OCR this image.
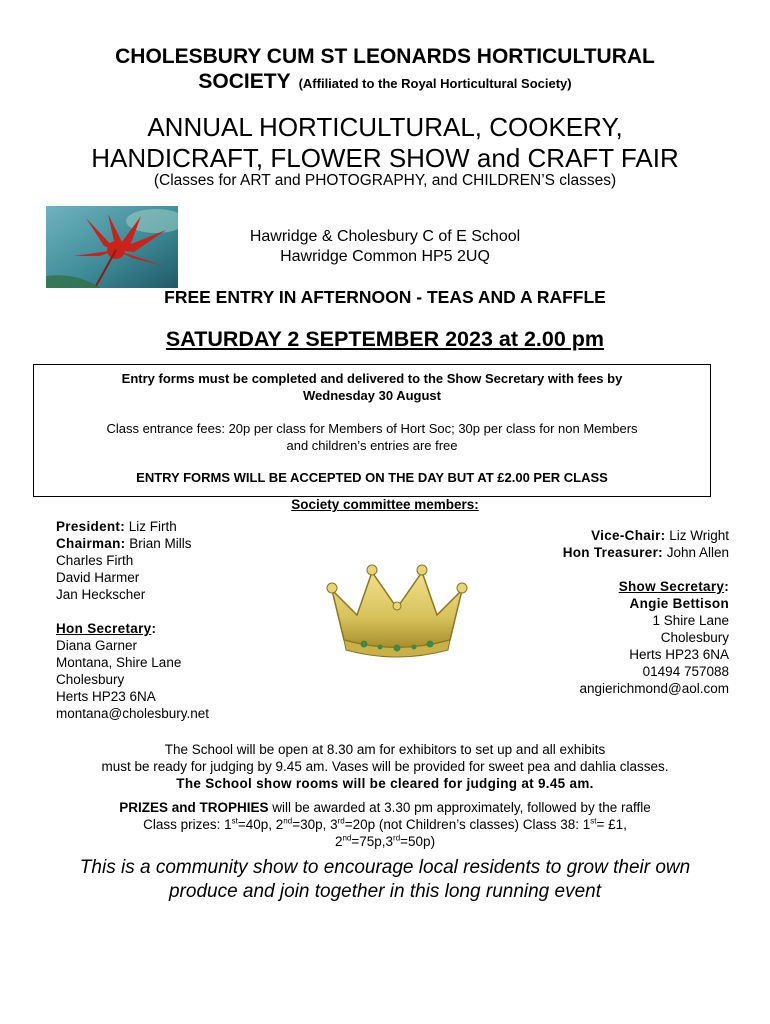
CHOLESBURY CUM ST LEONARDS HORTICULTURAL
SOCIETY (Affiliated to the Royal Horticultural Society)
ANNUAL HORTICULTURAL, COOKERY,
HANDICRAFT, FLOWER SHOW and CRAFT FAIR
(Classes for ART and PHOTOGRAPHY, and CHILDREN’S classes)
Hawridge & Cholesbury C of E School
Hawridge Common HP5 2UQ
FREE ENTRY IN AFTERNOON - TEAS AND A RAFFLE
SATURDAY 2 SEPTEMBER 2023 at 2.00 pm

Entry forms must be completed and delivered to the Show Secretary with fees by
Wednesday 30 August

Class entrance fees: 20p per class for Members of Hort Soc; 30p per class for non Members
and children’s entries are free

ENTRY FORMS WILL BE ACCEPTED ON THE DAY BUT AT £2.00 PER CLASS

Society committee members:
President: Liz Firth
Chairman: Brian Mills
Charles Firth
David Harmer
Jan Heckscher
Hon Secretary:
Diana Garner
Montana, Shire Lane
Cholesbury
Herts HP23 6NA
montana@cholesbury.net
Vice-Chair: Liz Wright
Hon Treasurer: John Allen
Show Secretary:
Angie Bettison
1 Shire Lane
Cholesbury
Herts HP23 6NA
01494 757088
angierichmond@aol.com
The School will be open at 8.30 am for exhibitors to set up and all exhibits
must be ready for judging by 9.45 am. Vases will be provided for sweet pea and dahlia classes.
The School show rooms will be cleared for judging at 9.45 am.
PRIZES and TROPHIES will be awarded at 3.30 pm approximately, followed by the raffle
Class prizes: 1st=40p, 2nd=30p, 3rd=20p (not Children’s classes) Class 38: 1st= £1,
2nd=75p,3rd=50p)
This is a community show to encourage local residents to grow their own
produce and join together in this long running event
